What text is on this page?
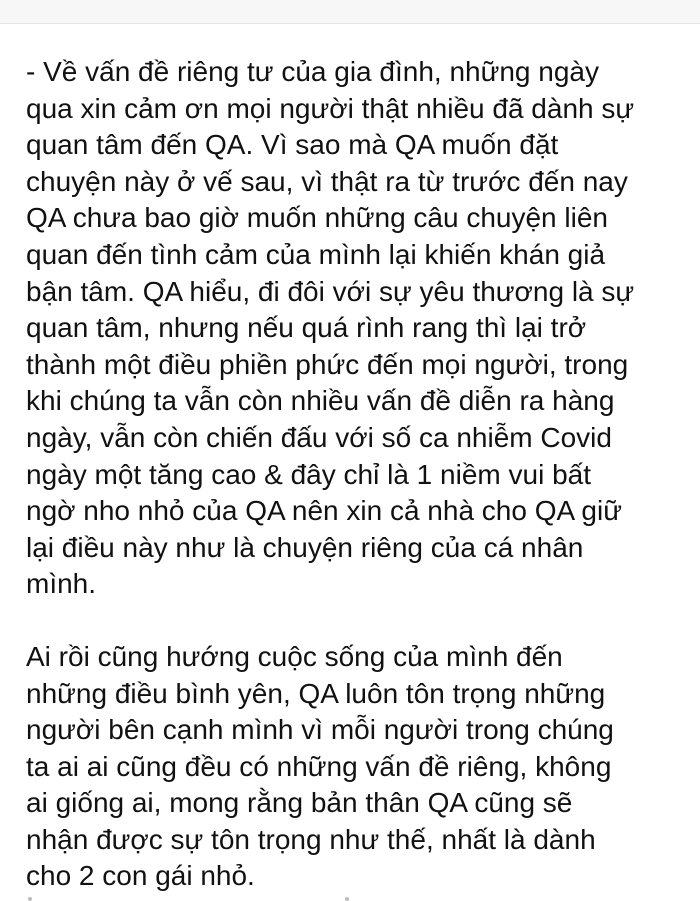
- Về vấn đề riêng tư của gia đình, những ngày
qua xin cảm ơn mọi người thật nhiều đã dành sự
quan tâm đến QA. Vì sao mà QA muốn đặt
chuyện này ở vế sau, vì thật ra từ trước đến nay
QA chưa bao giờ muốn những câu chuyện liên
quan đến tình cảm của mình lại khiến khán giả
bận tâm. QA hiểu, đi đôi với sự yêu thương là sự
quan tâm, nhưng nếu quá rình rang thì lại trở
thành một điều phiền phức đến mọi người, trong
khi chúng ta vẫn còn nhiều vấn đề diễn ra hàng
ngày, vẫn còn chiến đấu với số ca nhiễm Covid
ngày một tăng cao & đây chỉ là 1 niềm vui bất
ngờ nho nhỏ của QA nên xin cả nhà cho QA giữ
lại điều này như là chuyện riêng của cá nhân
mình.
Ai rồi cũng hướng cuộc sống của mình đến
những điều bình yên, QA luôn tôn trọng những
người bên cạnh mình vì mỗi người trong chúng
ta ai ai cũng đều có những vấn đề riêng, không
ai giống ai, mong rằng bản thân QA cũng sẽ
nhận được sự tôn trọng như thế, nhất là dành
cho 2 con gái nhỏ.
